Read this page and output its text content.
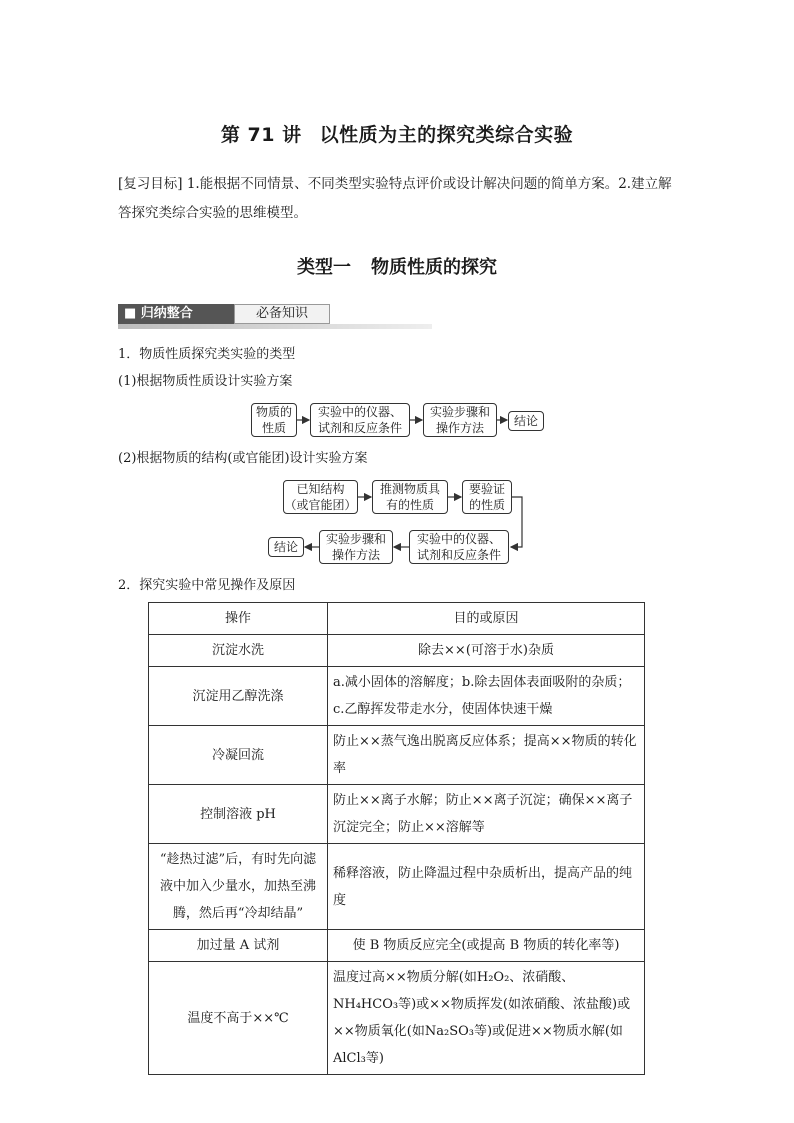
第 71 讲 以性质为主的探究类综合实验
[复习目标] 1.能根据不同情景、不同类型实验特点评价或设计解决问题的简单方案。2.建立解答探究类综合实验的思维模型。
类型一 物质性质的探究
■ 归纳整合	必备知识
1．物质性质探究类实验的类型
(1)根据物质性质设计实验方案
物质的
性质
实验中的仪器、
试剂和反应条件
实验步骤和
操作方法	结论
(2)根据物质的结构(或官能团)设计实验方案
已知结构
（或官能团）
推测物质具
有的性质
要验证
的性质
实验中的仪器、
试剂和反应条件
实验步骤和
操作方法
结论
2．探究实验中常见操作及原因
操作	目的或原因
沉淀水洗	除去××(可溶于水)杂质
沉淀用乙醇洗涤	a.减小固体的溶解度；b.除去固体表面吸附的杂质；c.乙醇挥发带走水分，使固体快速干燥
冷凝回流	防止××蒸气逸出脱离反应体系；提高××物质的转化率
控制溶液 pH	防止××离子水解；防止××离子沉淀；确保××离子沉淀完全；防止××溶解等
“趁热过滤”后，有时先向滤液中加入少量水，加热至沸腾，然后再“冷却结晶”	稀释溶液，防止降温过程中杂质析出，提高产品的纯度
加过量 A 试剂	使 B 物质反应完全(或提高 B 物质的转化率等)
温度不高于××℃	温度过高××物质分解(如H₂O₂、浓硝酸、NH₄HCO₃等)或××物质挥发(如浓硝酸、浓盐酸)或××物质氧化(如Na₂SO₃等)或促进××物质水解(如AlCl₃等)
